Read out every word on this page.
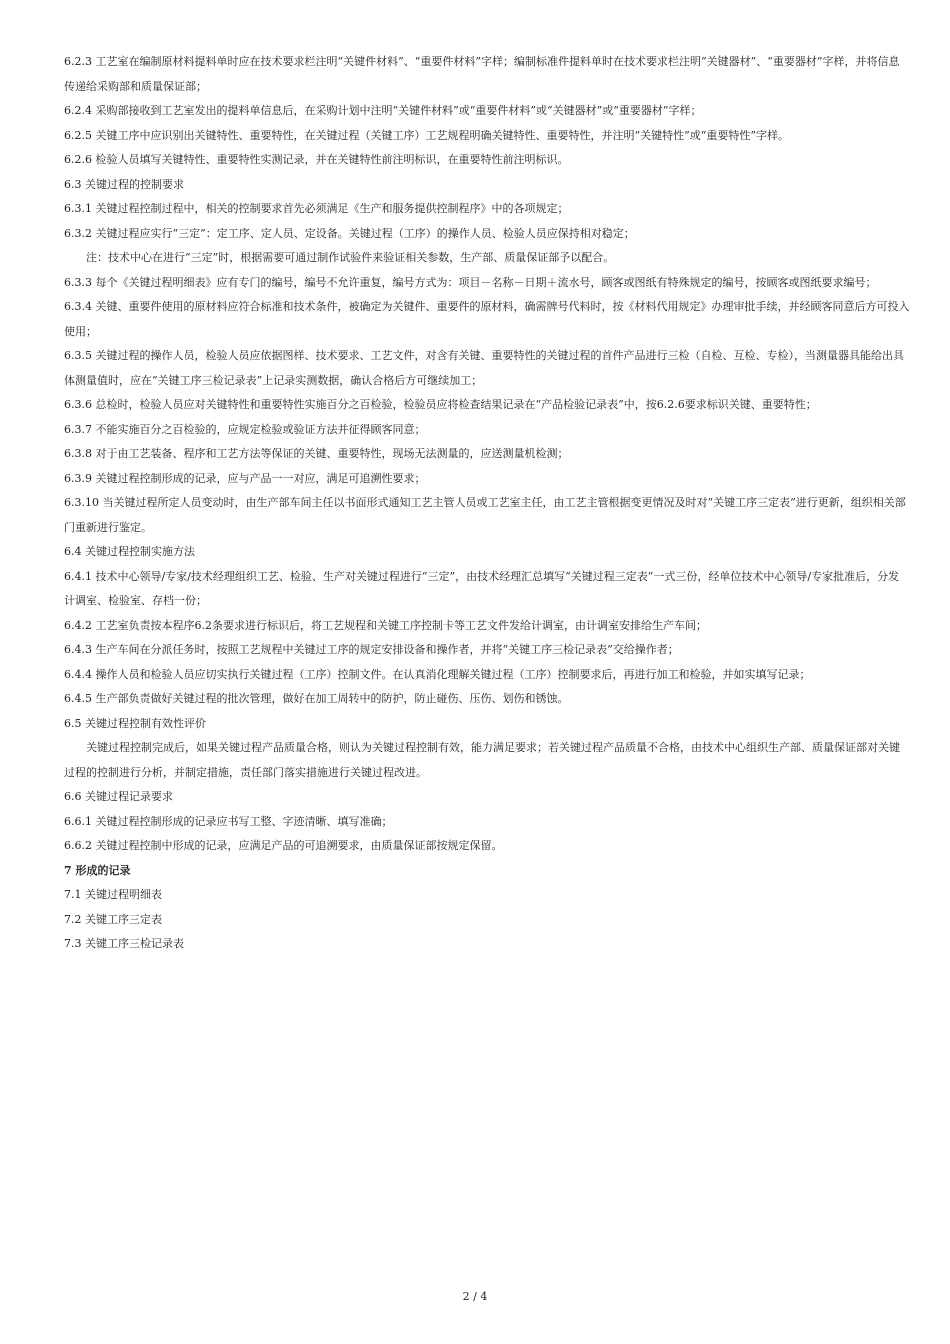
6.2.3 工艺室在编制原材料提料单时应在技术要求栏注明“关键件材料”、“重要件材料”字样；编制标准件提料单时在技术要求栏注明“关键器材”、“重要器材”字样，并将信息传递给采购部和质量保证部；

6.2.4 采购部接收到工艺室发出的提料单信息后，在采购计划中注明“关键件材料”或“重要件材料”或“关键器材”或“重要器材”字样；

6.2.5 关键工序中应识别出关键特性、重要特性，在关键过程（关键工序）工艺规程明确关键特性、重要特性，并注明“关键特性”或“重要特性”字样。

6.2.6 检验人员填写关键特性、重要特性实测记录，并在关键特性前注明标识，在重要特性前注明标识。

6.3 关键过程的控制要求

6.3.1 关键过程控制过程中，相关的控制要求首先必须满足《生产和服务提供控制程序》中的各项规定；

6.3.2 关键过程应实行“三定”：定工序、定人员、定设备。关键过程（工序）的操作人员、检验人员应保持相对稳定；

注：技术中心在进行“三定”时，根据需要可通过制作试验件来验证相关参数，生产部、质量保证部予以配合。

6.3.3 每个《关键过程明细表》应有专门的编号，编号不允许重复，编号方式为：项目－名称－日期＋流水号，顾客或图纸有特殊规定的编号，按顾客或图纸要求编号；

6.3.4 关键、重要件使用的原材料应符合标准和技术条件，被确定为关键件、重要件的原材料，确需牌号代料时，按《材料代用规定》办理审批手续，并经顾客同意后方可投入使用；

6.3.5 关键过程的操作人员，检验人员应依据图样、技术要求、工艺文件，对含有关键、重要特性的关键过程的首件产品进行三检（自检、互检、专检），当测量器具能给出具体测量值时，应在“关键工序三检记录表”上记录实测数据，确认合格后方可继续加工；

6.3.6 总检时，检验人员应对关键特性和重要特性实施百分之百检验，检验员应将检查结果记录在“产品检验记录表”中，按6.2.6要求标识关键、重要特性；

6.3.7 不能实施百分之百检验的，应规定检验或验证方法并征得顾客同意；

6.3.8 对于由工艺装备、程序和工艺方法等保证的关键、重要特性，现场无法测量的，应送测量机检测；

6.3.9 关键过程控制形成的记录，应与产品一一对应，满足可追溯性要求；

6.3.10 当关键过程所定人员变动时，由生产部车间主任以书面形式通知工艺主管人员或工艺室主任，由工艺主管根据变更情况及时对“关键工序三定表”进行更新，组织相关部门重新进行鉴定。

6.4 关键过程控制实施方法

6.4.1 技术中心领导/专家/技术经理组织工艺、检验、生产对关键过程进行“三定”，由技术经理汇总填写“关键过程三定表”一式三份，经单位技术中心领导/专家批准后，分发计调室、检验室、存档一份；

6.4.2 工艺室负责按本程序6.2条要求进行标识后，将工艺规程和关键工序控制卡等工艺文件发给计调室，由计调室安排给生产车间；

6.4.3 生产车间在分派任务时，按照工艺规程中关键过工序的规定安排设备和操作者，并将“关键工序三检记录表”交给操作者；

6.4.4 操作人员和检验人员应切实执行关键过程（工序）控制文件。在认真消化理解关键过程（工序）控制要求后，再进行加工和检验，并如实填写记录；

6.4.5 生产部负责做好关键过程的批次管理，做好在加工周转中的防护，防止碰伤、压伤、划伤和锈蚀。

6.5 关键过程控制有效性评价

关键过程控制完成后，如果关键过程产品质量合格，则认为关键过程控制有效，能力满足要求；若关键过程产品质量不合格，由技术中心组织生产部、质量保证部对关键过程的控制进行分析，并制定措施，责任部门落实措施进行关键过程改进。

6.6 关键过程记录要求

6.6.1 关键过程控制形成的记录应书写工整、字迹清晰、填写准确；

6.6.2 关键过程控制中形成的记录，应满足产品的可追溯要求，由质量保证部按规定保留。

7 形成的记录

7.1 关键过程明细表

7.2 关键工序三定表

7.3 关键工序三检记录表

2 / 4
